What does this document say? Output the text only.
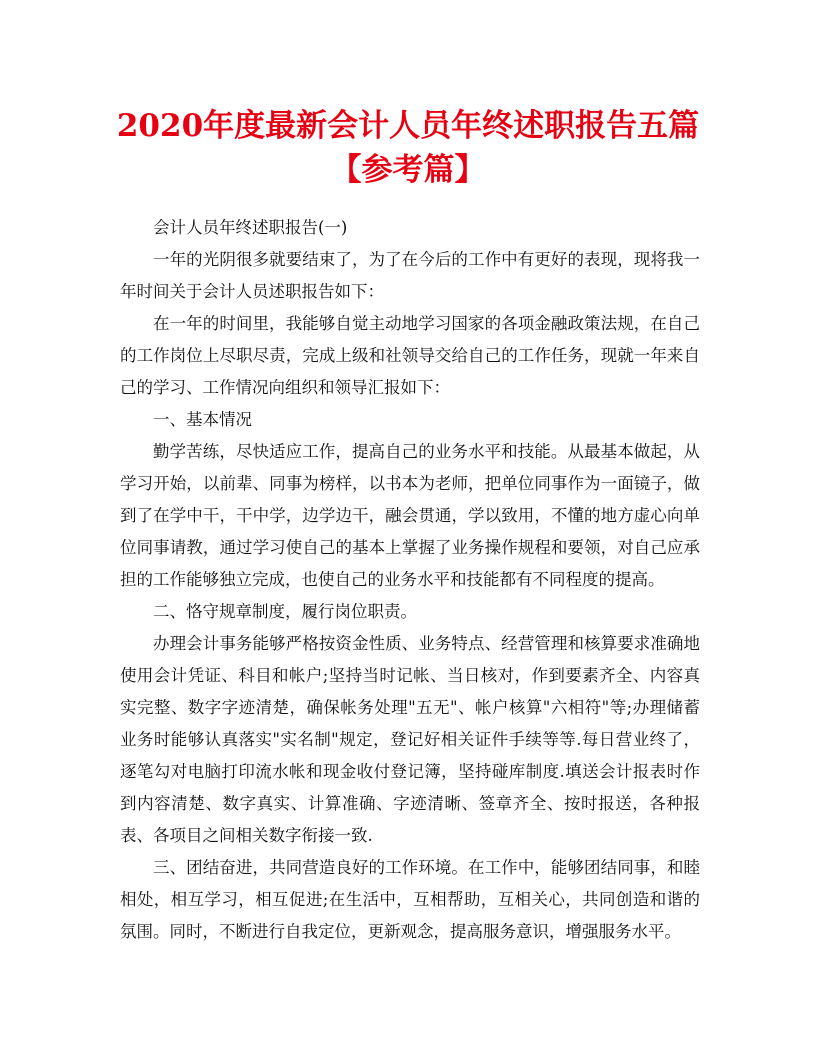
2020年度最新会计人员年终述职报告五篇【参考篇】

会计人员年终述职报告(一)

一年的光阴很多就要结束了，为了在今后的工作中有更好的表现，现将我一年时间关于会计人员述职报告如下：

在一年的时间里，我能够自觉主动地学习国家的各项金融政策法规，在自己的工作岗位上尽职尽责，完成上级和社领导交给自己的工作任务，现就一年来自己的学习、工作情况向组织和领导汇报如下：

一、基本情况

勤学苦练，尽快适应工作，提高自己的业务水平和技能。从最基本做起，从学习开始，以前辈、同事为榜样，以书本为老师，把单位同事作为一面镜子，做到了在学中干，干中学，边学边干，融会贯通，学以致用，不懂的地方虚心向单位同事请教，通过学习使自己的基本上掌握了业务操作规程和要领，对自己应承担的工作能够独立完成，也使自己的业务水平和技能都有不同程度的提高。

二、恪守规章制度，履行岗位职责。

办理会计事务能够严格按资金性质、业务特点、经营管理和核算要求准确地使用会计凭证、科目和帐户;坚持当时记帐、当日核对，作到要素齐全、内容真实完整、数字字迹清楚，确保帐务处理"五无"、帐户核算"六相符"等;办理储蓄业务时能够认真落实"实名制"规定，登记好相关证件手续等等.每日营业终了，逐笔勾对电脑打印流水帐和现金收付登记簿，坚持碰库制度.填送会计报表时作到内容清楚、数字真实、计算准确、字迹清晰、签章齐全、按时报送，各种报表、各项目之间相关数字衔接一致.

三、团结奋进，共同营造良好的工作环境。在工作中，能够团结同事，和睦相处，相互学习，相互促进;在生活中，互相帮助，互相关心，共同创造和谐的氛围。同时，不断进行自我定位，更新观念，提高服务意识，增强服务水平。
